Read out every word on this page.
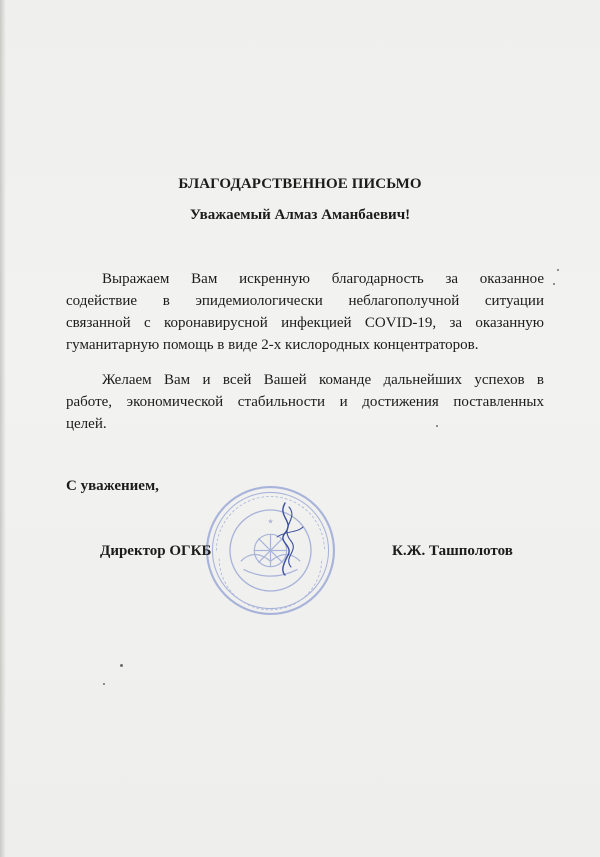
БЛАГОДАРСТВЕННОЕ ПИСЬМО
Уважаемый Алмаз Аманбаевич!
Выражаем Вам искренную благодарность за оказанное
содействие в эпидемиологически неблагополучной ситуации
связанной с коронавирусной инфекцией COVID-19, за оказанную
гуманитарную помощь в виде 2-х кислородных концентраторов.
Желаем Вам и всей Вашей команде дальнейших успехов в
работе, экономической стабильности и достижения поставленных
целей.
С уважением,
★
Директор ОГКБ	К.Ж. Ташполотов
